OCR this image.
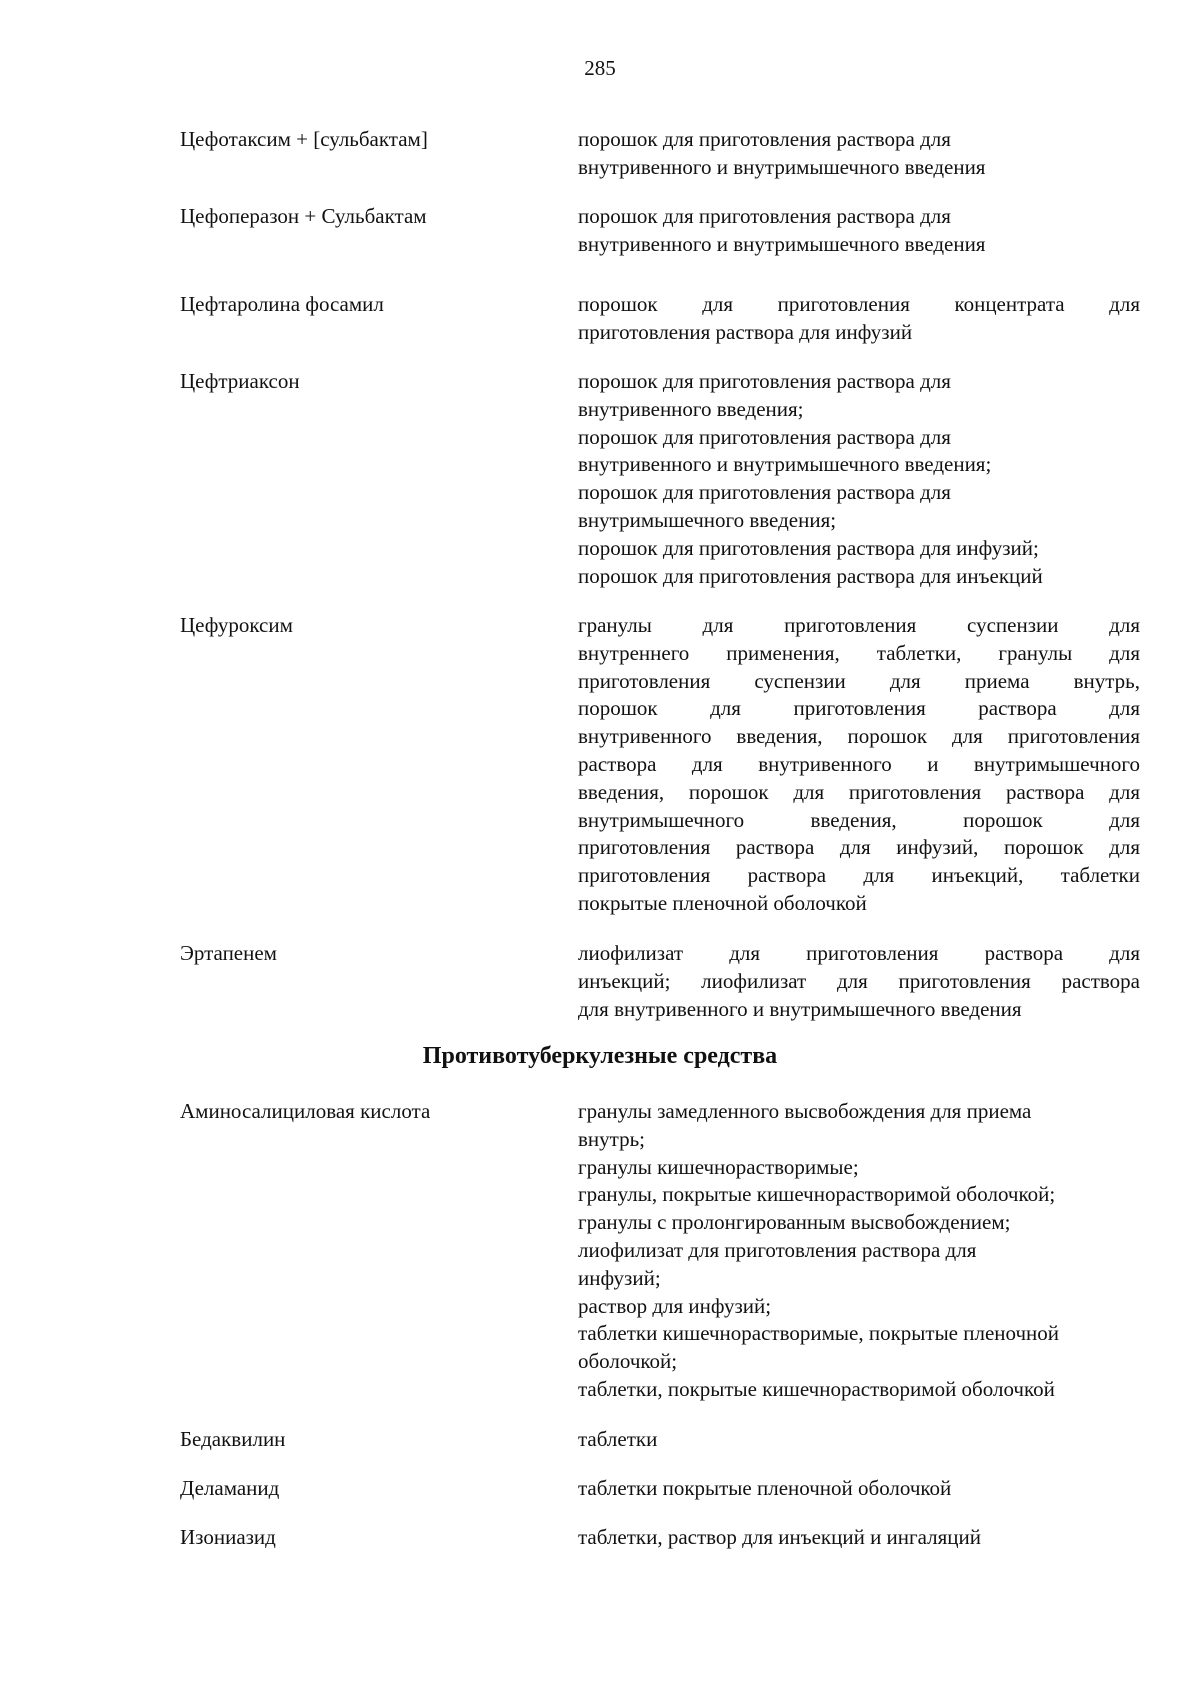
285
Цефотаксим + [сульбактам]	порошок для приготовления раствора для
внутривенного и внутримышечного введения
Цефоперазон + Сульбактам	порошок для приготовления раствора для
внутривенного и внутримышечного введения
Цефтаролина фосамил	порошок для приготовления концентрата для
приготовления раствора для инфузий
Цефтриаксон	порошок для приготовления раствора для
внутривенного введения;
порошок для приготовления раствора для
внутривенного и внутримышечного введения;
порошок для приготовления раствора для
внутримышечного введения;
порошок для приготовления раствора для инфузий;
порошок для приготовления раствора для инъекций
Цефуроксим	гранулы для приготовления суспензии для
внутреннего применения, таблетки, гранулы для
приготовления суспензии для приема внутрь,
порошок для приготовления раствора для
внутривенного введения, порошок для приготовления
раствора для внутривенного и внутримышечного
введения, порошок для приготовления раствора для
внутримышечного введения, порошок для
приготовления раствора для инфузий, порошок для
приготовления раствора для инъекций, таблетки
покрытые пленочной оболочкой
Эртапенем	лиофилизат для приготовления раствора для
инъекций; лиофилизат для приготовления раствора
для внутривенного и внутримышечного введения
Противотуберкулезные средства
Аминосалициловая кислота	гранулы замедленного высвобождения для приема
внутрь;
гранулы кишечнорастворимые;
гранулы, покрытые кишечнорастворимой оболочкой;
гранулы с пролонгированным высвобождением;
лиофилизат для приготовления раствора для
инфузий;
раствор для инфузий;
таблетки кишечнорастворимые, покрытые пленочной
оболочкой;
таблетки, покрытые кишечнорастворимой оболочкой
Бедаквилин	таблетки
Деламанид	таблетки покрытые пленочной оболочкой
Изониазид	таблетки, раствор для инъекций и ингаляций
